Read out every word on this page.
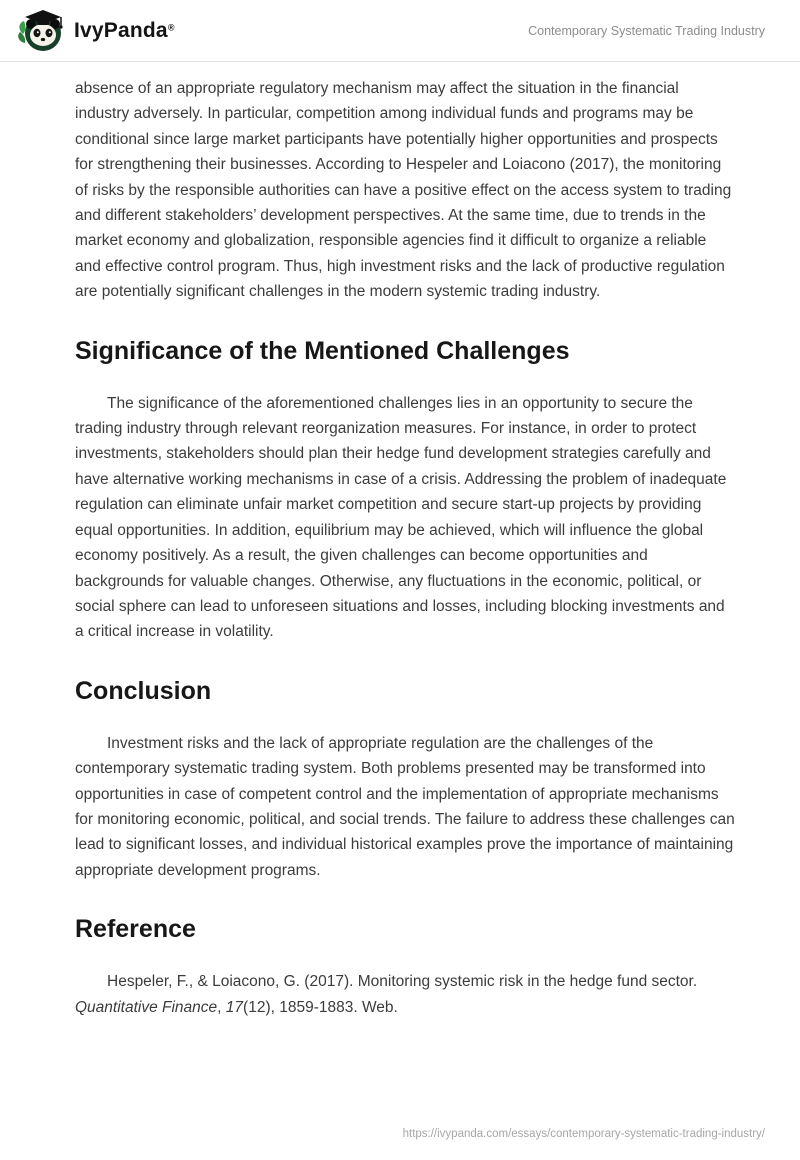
IvyPanda®	Contemporary Systematic Trading Industry

absence of an appropriate regulatory mechanism may affect the situation in the financial industry adversely. In particular, competition among individual funds and programs may be conditional since large market participants have potentially higher opportunities and prospects for strengthening their businesses. According to Hespeler and Loiacono (2017), the monitoring of risks by the responsible authorities can have a positive effect on the access system to trading and different stakeholders’ development perspectives. At the same time, due to trends in the market economy and globalization, responsible agencies find it difficult to organize a reliable and effective control program. Thus, high investment risks and the lack of productive regulation are potentially significant challenges in the modern systemic trading industry.

Significance of the Mentioned Challenges

The significance of the aforementioned challenges lies in an opportunity to secure the trading industry through relevant reorganization measures. For instance, in order to protect investments, stakeholders should plan their hedge fund development strategies carefully and have alternative working mechanisms in case of a crisis. Addressing the problem of inadequate regulation can eliminate unfair market competition and secure start-up projects by providing equal opportunities. In addition, equilibrium may be achieved, which will influence the global economy positively. As a result, the given challenges can become opportunities and backgrounds for valuable changes. Otherwise, any fluctuations in the economic, political, or social sphere can lead to unforeseen situations and losses, including blocking investments and a critical increase in volatility.

Conclusion

Investment risks and the lack of appropriate regulation are the challenges of the contemporary systematic trading system. Both problems presented may be transformed into opportunities in case of competent control and the implementation of appropriate mechanisms for monitoring economic, political, and social trends. The failure to address these challenges can lead to significant losses, and individual historical examples prove the importance of maintaining appropriate development programs.

Reference

Hespeler, F., & Loiacono, G. (2017). Monitoring systemic risk in the hedge fund sector. Quantitative Finance, 17(12), 1859-1883. Web.

https://ivypanda.com/essays/contemporary-systematic-trading-industry/
